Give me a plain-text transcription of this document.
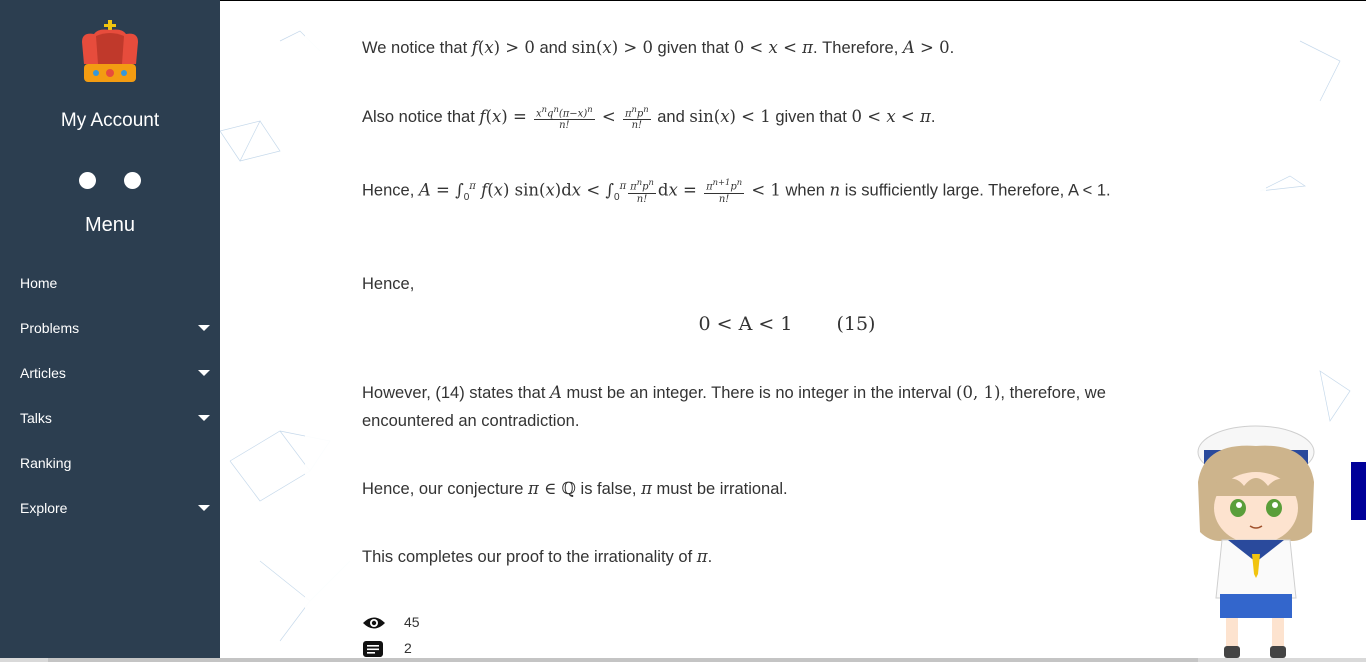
My Account
Menu
Home
Problems
Articles
Talks
Ranking
Explore
We notice that f(x) > 0 and sin(x) > 0 given that 0 < x < π. Therefore, A > 0.
Also notice that $f(x) = \frac{x^nq^n(\pi-x)^n}{n!} < \frac{\pi^np^n}{n!}$ and sin(x) < 1 given that 0 < x < π.
Hence, $A = \int_0^\pi$ f(x) $\sin(x)dx < \int_0^\pi \frac{\pi^np^n}{n!}$ dx = $\frac{\pi^{n+1}p^n}{n!} < 1$ when n is sufficiently large. Therefore, A < 1.
Hence,
0 < A < 1 (15)
However, (14) states that A must be an integer. There is no integer in the interval (0, 1), therefore, we encountered an contradiction.
Hence, our conjecture π ∈ ℚ is false, π must be irrational.
This completes our proof to the irrationality of π.
45
2
